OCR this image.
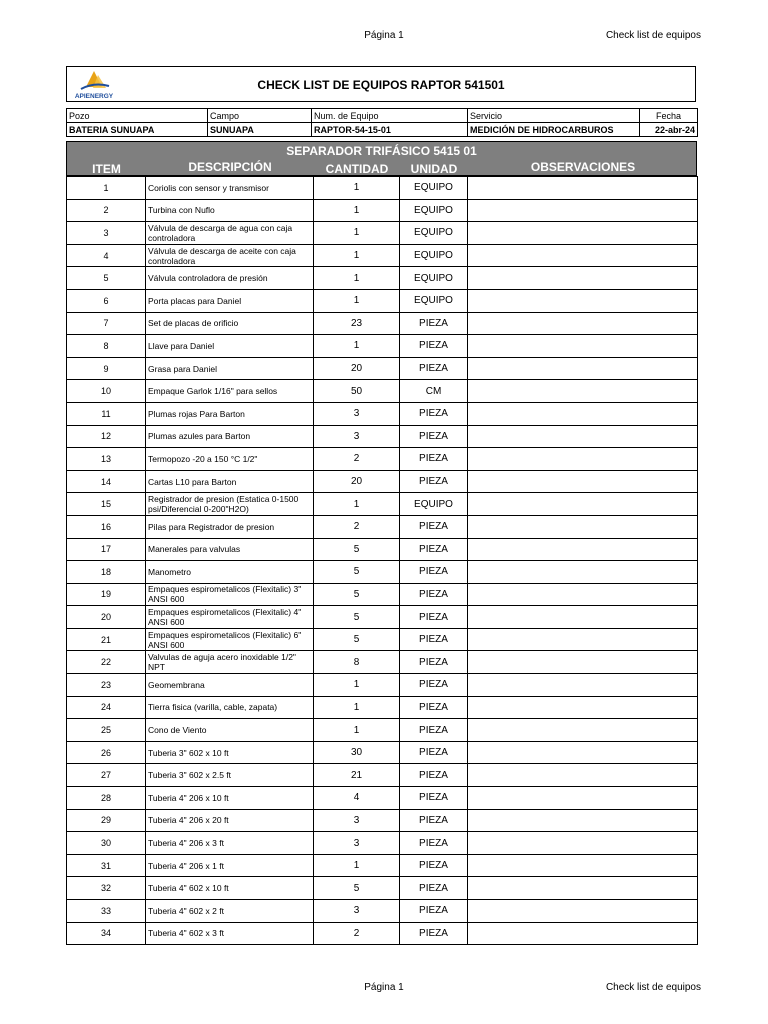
Página 1	Check list de equipos
APIENERGY
CHECK LIST DE EQUIPOS RAPTOR 541501
Pozo	Campo	Num. de Equipo	Servicio	Fecha
BATERIA SUNUAPA	SUNUAPA	RAPTOR-54-15-01	MEDICIÓN DE HIDROCARBUROS	22-abr-24
SEPARADOR TRIFÁSICO 5415 01
ITEM	DESCRIPCIÓN	CANTIDAD	UNIDAD	OBSERVACIONES
1	Coriolis con sensor y transmisor	1	EQUIPO	
2	Turbina con Nuflo	1	EQUIPO	
3	Válvula de descarga de agua con caja controladora	1	EQUIPO	
4	Válvula de descarga de aceite con caja controladora	1	EQUIPO	
5	Válvula controladora de presión	1	EQUIPO	
6	Porta placas para Daniel	1	EQUIPO	
7	Set de placas de orificio	23	PIEZA	
8	Llave para Daniel	1	PIEZA	
9	Grasa para Daniel	20	PIEZA	
10	Empaque Garlok 1/16" para sellos	50	CM	
11	Plumas rojas Para Barton	3	PIEZA	
12	Plumas azules para Barton	3	PIEZA	
13	Termopozo -20 a 150 °C 1/2"	2	PIEZA	
14	Cartas L10 para Barton	20	PIEZA	
15	Registrador de presion (Estatica 0-1500 psi/Diferencial 0-200"H2O)	1	EQUIPO	
16	Pilas para Registrador de presion	2	PIEZA	
17	Manerales para valvulas	5	PIEZA	
18	Manometro	5	PIEZA	
19	Empaques espirometalicos (Flexitalic) 3" ANSI 600	5	PIEZA	
20	Empaques espirometalicos (Flexitalic) 4" ANSI 600	5	PIEZA	
21	Empaques espirometalicos (Flexitalic) 6" ANSI 600	5	PIEZA	
22	Valvulas de aguja acero inoxidable 1/2" NPT	8	PIEZA	
23	Geomembrana	1	PIEZA	
24	Tierra fisica (varilla, cable, zapata)	1	PIEZA	
25	Cono de Viento	1	PIEZA	
26	Tuberia 3" 602 x 10 ft	30	PIEZA	
27	Tuberia 3" 602 x 2.5 ft	21	PIEZA	
28	Tuberia 4" 206 x 10 ft	4	PIEZA	
29	Tuberia 4" 206 x 20 ft	3	PIEZA	
30	Tuberia 4" 206 x 3 ft	3	PIEZA	
31	Tuberia 4" 206 x 1 ft	1	PIEZA	
32	Tuberia 4" 602 x 10 ft	5	PIEZA	
33	Tuberia 4" 602 x 2 ft	3	PIEZA	
34	Tuberia 4" 602 x 3 ft	2	PIEZA	
Página 1	Check list de equipos
